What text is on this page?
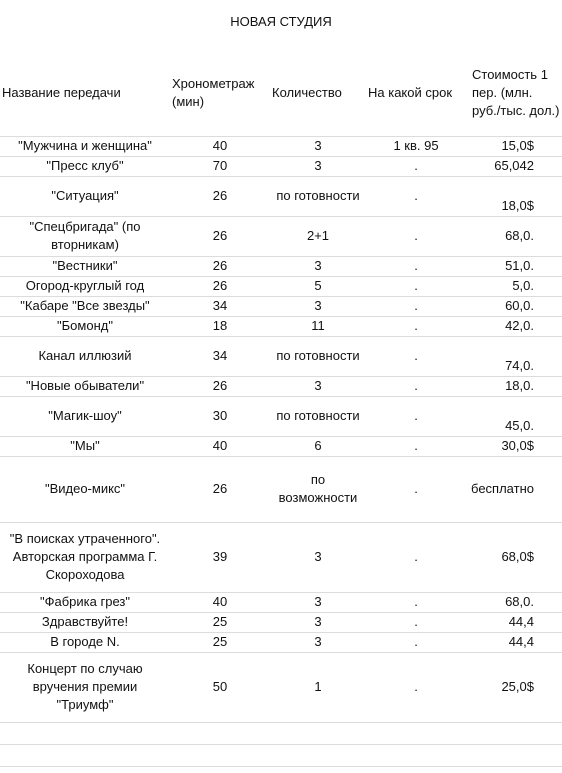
НОВАЯ СТУДИЯ
Название передачи	Хронометраж (мин)	Количество	На какой срок	Стоимость 1 пер. (млн. руб./тыс. дол.)
"Мужчина и женщина"	40	3	1 кв. 95	15,0$
"Пресс клуб"	70	3	.	65,042
"Ситуация"	26	по готовности	.	18,0$
"Спецбригада" (по вторникам)	26	2+1	.	68,0.
"Вестники"	26	3	.	51,0.
Огород-круглый год	26	5	.	5,0.
"Кабаре "Все звезды"	34	3	.	60,0.
"Бомонд"	18	11	.	42,0.
Канал иллюзий	34	по готовности	.	74,0.
"Новые обыватели"	26	3	.	18,0.
"Магик-шоу"	30	по готовности	.	45,0.
"Мы"	40	6	.	30,0$
"Видео-микс"	26	по возможности	.	бесплатно
"В поисках утраченного". Авторская программа Г. Скороходова	39	3	.	68,0$
"Фабрика грез"	40	3	.	68,0.
Здравствуйте!	25	3	.	44,4
В городе N.	25	3	.	44,4
Концерт по случаю вручения премии "Триумф"	50	1	.	25,0$
